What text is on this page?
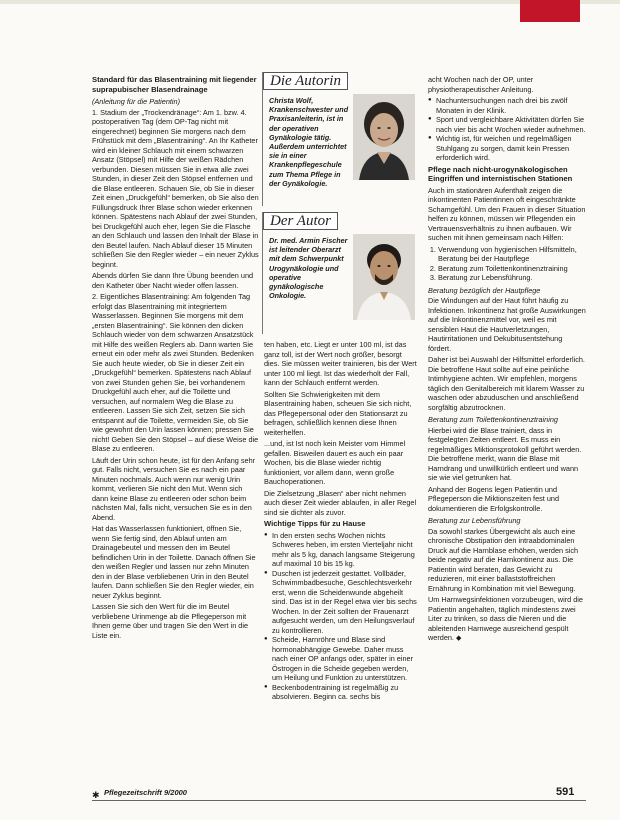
Standard für das Blasentraining mit liegender suprapubischer Blasendrainage

(Anleitung für die Patientin)

1. Stadium der „Trockendränage“: Am 1. bzw. 4. postoperativen Tag (dem OP-Tag nicht mit eingerechnet) beginnen Sie morgens nach dem Frühstück mit dem „Blasentraining“. An Ihr Katheter wird ein kleiner Schlauch mit einem schwarzen Ansatz (Stöpsel) mit Hilfe der weißen Rädchen verbunden. Diesen müssen Sie in etwa alle zwei Stunden, in dieser Zeit den Stöpsel entfernen und die Blase entleeren. Schauen Sie, ob Sie in dieser Zeit einen „Druckgefühl“ bemerken, ob Sie also den Füllungsdruck Ihrer Blase schon wieder erkennen können. Spätestens nach Ablauf der zwei Stunden, bei Druckgefühl auch eher, legen Sie die Flasche an den Schlauch und lassen den Inhalt der Blase in den Beutel laufen. Nach Ablauf dieser 15 Minuten schließen Sie den Regler wieder – ein neuer Zyklus beginnt.

Abends dürfen Sie dann Ihre Übung beenden und den Katheter über Nacht wieder offen lassen.

2. Eigentliches Blasentraining: Am folgenden Tag erfolgt das Blasentraining mit integriertem Wasserlassen. Beginnen Sie morgens mit dem „ersten Blasentraining“. Sie können den dicken Schlauch wieder von dem schwarzen Ansatzstück mit Hilfe des weißen Reglers ab. Dann warten Sie erneut ein oder mehr als zwei Stunden. Bedenken Sie auch heute wieder, ob Sie in dieser Zeit ein „Druckgefühl“ bemerken. Spätestens nach Ablauf von zwei Stunden gehen Sie, bei vorhandenem Druckgefühl auch eher, auf die Toilette und versuchen, auf normalem Weg die Blase zu entleeren. Lassen Sie sich Zeit, setzen Sie sich entspannt auf die Toilette, vermeiden Sie, ob Sie wie gewohnt den Urin lassen können; pressen Sie nicht! Geben Sie den Stöpsel – auf diese Weise die Blase zu entleeren.

Läuft der Urin schon heute, ist für den Anfang sehr gut. Falls nicht, versuchen Sie es nach ein paar Minuten nochmals. Auch wenn nur wenig Urin kommt, verlieren Sie nicht den Mut. Wenn sich dann keine Blase zu entleeren oder schon beim nächsten Mal, falls nicht, versuchen Sie es in den Abend.

Hat das Wasserlassen funktioniert, öffnen Sie, wenn Sie fertig sind, den Ablauf unten am Drainagebeutel und messen den im Beutel befindlichen Urin in der Toilette. Danach öffnen Sie den weißen Regler und lassen nur zehn Minuten den in der Blase verbliebenen Urin in den Beutel laufen. Dann schließen Sie den Regler wieder, ein neuer Zyklus beginnt.

Lassen Sie sich den Wert für die im Beutel verbliebene Urinmenge ab die Pflegeperson mit Ihnen gerne über und tragen Sie den Wert in die Liste ein.

Die Autorin

Christa Wolf, Krankenschwester und Praxisanleiterin, ist in der operativen Gynäkologie tätig. Außerdem unterrichtet sie in einer Krankenpflegeschule zum Thema Pflege in der Gynäkologie.

Der Autor

Dr. med. Armin Fischer ist leitender Oberarzt mit dem Schwerpunkt Urogynäkologie und operative gynäkologische Onkologie.

ten haben, etc. Liegt er unter 100 ml, ist das ganz toll, ist der Wert noch größer, besorgt dies. Sie müssen weiter trainieren, bis der Wert unter 100 ml liegt. Ist das wiederholt der Fall, kann der Schlauch entfernt werden.

Sollten Sie Schwierigkeiten mit dem Blasentraining haben, scheuen Sie sich nicht, das Pflegepersonal oder den Stationsarzt zu befragen, schließlich kennen diese Ihnen weiterhelfen.

...und, ist Ist noch kein Meister vom Himmel gefallen. Bisweilen dauert es auch ein paar Wochen, bis die Blase wieder richtig funktioniert, vor allem dann, wenn große Bauchoperationen.

Die Zielsetzung „Blasen“ aber nicht nehmen auch dieser Zeit wieder ablaufen, in aller Regel sind sie dichter als zuvor.

Wichtige Tipps für zu Hause
● In den ersten sechs Wochen nichts Schweres heben, im ersten Vierteljahr nicht mehr als 5 kg, danach langsame Steigerung auf maximal 10 bis 15 kg.
● Duschen ist jederzeit gestattet. Vollbäder, Schwimmbadbesuche, Geschlechtsverkehr erst, wenn die Scheidenwunde abgeheilt sind. Das ist in der Regel etwa vier bis sechs Wochen. In der Zeit sollten der Frauenarzt aufgesucht werden, um den Heilungsverlauf zu kontrollieren.
● Scheide, Harnröhre und Blase sind hormonabhängige Gewebe. Daher muss nach einer OP anfangs oder, später in einer Östrogen in die Scheide gegeben werden, um Heilung und Funktion zu unterstützen.
● Beckenbodentraining ist regelmäßig zu absolvieren. Beginn ca. sechs bis

acht Wochen nach der OP, unter physiotherapeutischer Anleitung.

● Nachuntersuchungen nach drei bis zwölf Monaten in der Klinik.
● Sport und vergleichbare Aktivitäten dürfen Sie nach vier bis acht Wochen wieder aufnehmen.
● Wichtig ist, für weichen und regelmäßigen Stuhlgang zu sorgen, damit kein Pressen erforderlich wird.
Pflege nach nicht-urogynäkologischen Eingriffen und internistischen Stationen

Auch im stationären Aufenthalt zeigen die inkontinenten Patientinnen oft eingeschränkte Schamgefühl. Um den Frauen in dieser Situation helfen zu können, müssen wir Pflegenden ein Vertrauensverhältnis zu ihnen aufbauen. Wir suchen mit ihnen gemeinsam nach Hilfen:

1. Verwendung von hygienischen Hilfsmitteln, Beratung bei der Hautpflege
2. Beratung zum Toilettenkontinenztraining
3. Beratung zur Lebensführung.

Beratung bezüglich der Hautpflege

Die Windungen auf der Haut führt häufig zu Infektionen. Inkontinenz hat große Auswirkungen auf die Inkontinenzmittel vor, weil es mit sensiblen Haut die Hautverletzungen, Hautirritationen und Dekubitusentstehung fördert.

Daher ist bei Auswahl der Hilfsmittel erforderlich. Die betroffene Haut sollte auf eine peinliche Intimhygiene achten. Wir empfehlen, morgens täglich den Genitalbereich mit klarem Wasser zu waschen oder abzuduschen und anschließend sorgfältig abzutrocknen.

Beratung zum Toilettenkontinenztraining

Hierbei wird die Blase trainiert, dass in festgelegten Zeiten entleert. Es muss ein regelmäßiges Miktionsprotokoll geführt werden. Die betroffene merkt, wann die Blase mit Harndrang und unwillkürlich entleert und wann sie wie viel getrunken hat.

Anhand der Bogens legen Patientin und Pflegeperson die Miktionszeiten fest und dokumentieren die Erfolgskontrolle.

Beratung zur Lebensführung

Da sowohl starkes Übergewicht als auch eine chronische Obstipation den intraabdominalen Druck auf die Harnblase erhöhen, werden sich beide negativ auf die Harnkontinenz aus. Die Patientin wird beraten, das Gewicht zu reduzieren, mit einer ballaststoffreichen Ernährung in Kombination mit viel Bewegung.

Um Harnwegsinfektionen vorzubeugen, wird die Patientin angehalten, täglich mindestens zwei Liter zu trinken, so dass die Nieren und die ableitenden Harnwege ausreichend gespült werden. ◆

✱ Pflegezeitschrift 9/2000	591
